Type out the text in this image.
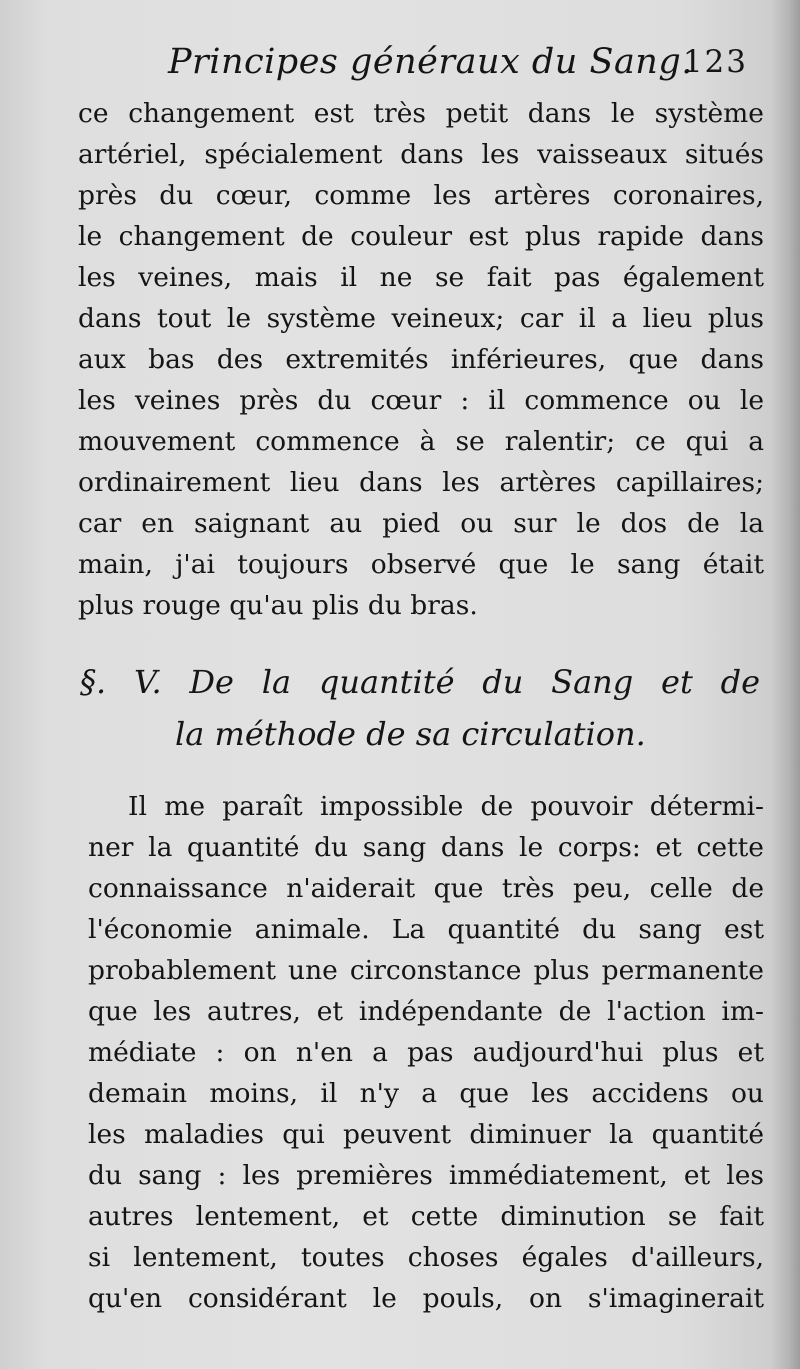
Principes généraux du Sang.
123
ce changement est très petit dans le système
artériel, spécialement dans les vaisseaux situés
près du cœur, comme les artères coronaires,
le changement de couleur est plus rapide dans
les veines, mais il ne se fait pas également
dans tout le système veineux; car il a lieu plus
aux bas des extremités inférieures, que dans
les veines près du cœur : il commence ou le
mouvement commence à se ralentir; ce qui a
ordinairement lieu dans les artères capillaires;
car en saignant au pied ou sur le dos de la
main, j'ai toujours observé que le sang était
plus rouge qu'au plis du bras.
§. V. De la quantité du Sang et de
la méthode de sa circulation.
Il me paraît impossible de pouvoir détermi-
ner la quantité du sang dans le corps: et cette
connaissance n'aiderait que très peu, celle de
l'économie animale. La quantité du sang est
probablement une circonstance plus permanente
que les autres, et indépendante de l'action im-
médiate : on n'en a pas audjourd'hui plus et
demain moins, il n'y a que les accidens ou
les maladies qui peuvent diminuer la quantité
du sang : les premières immédiatement, et les
autres lentement, et cette diminution se fait
si lentement, toutes choses égales d'ailleurs,
qu'en considérant le pouls, on s'imaginerait
